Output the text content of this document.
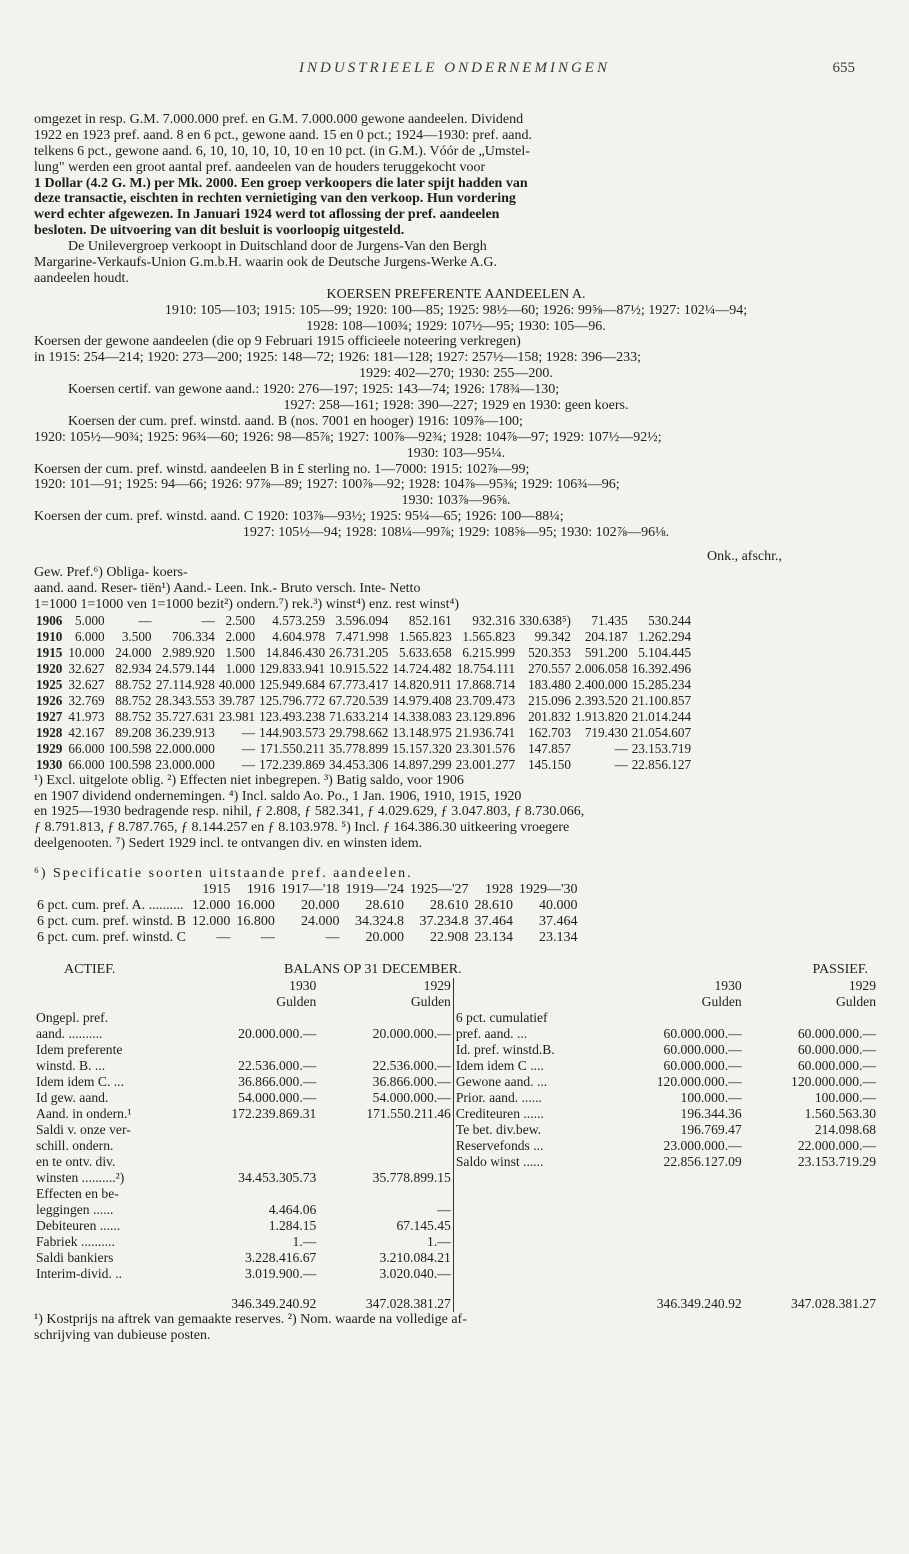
INDUSTRIEELE ONDERNEMINGEN	655
omgezet in resp. G.M. 7.000.000 pref. en G.M. 7.000.000 gewone aandeelen. Dividend
1922 en 1923 pref. aand. 8 en 6 pct., gewone aand. 15 en 0 pct.; 1924—1930: pref. aand.
telkens 6 pct., gewone aand. 6, 10, 10, 10, 10, 10 en 10 pct. (in G.M.). Vóór de „Umstel-
lung" werden een groot aantal pref. aandeelen van de houders teruggekocht voor
1 Dollar (4.2 G. M.) per Mk. 2000. Een groep verkoopers die later spijt hadden van
deze transactie, eischten in rechten vernietiging van den verkoop. Hun vordering
werd echter afgewezen. In Januari 1924 werd tot aflossing der pref. aandeelen
besloten. De uitvoering van dit besluit is voorloopig uitgesteld.
De Unilevergroep verkoopt in Duitschland door de Jurgens-Van den Bergh
Margarine-Verkaufs-Union G.m.b.H. waarin ook de Deutsche Jurgens-Werke A.G.
aandeelen houdt.
KOERSEN PREFERENTE AANDEELEN A.
1910: 105—103; 1915: 105—99; 1920: 100—85; 1925: 98½—60; 1926: 99⅝—87½; 1927: 102¼—94;
1928: 108—100¾; 1929: 107½—95; 1930: 105—96.
Koersen der gewone aandeelen (die op 9 Februari 1915 officieele noteering verkregen)
in 1915: 254—214; 1920: 273—200; 1925: 148—72; 1926: 181—128; 1927: 257½—158; 1928: 396—233;
1929: 402—270; 1930: 255—200.
Koersen certif. van gewone aand.: 1920: 276—197; 1925: 143—74; 1926: 178¾—130;
1927: 258—161; 1928: 390—227; 1929 en 1930: geen koers.
Koersen der cum. pref. winstd. aand. B (nos. 7001 en hooger) 1916: 109⅞—100;
1920: 105½—90¾; 1925: 96¾—60; 1926: 98—85⅞; 1927: 100⅞—92¾; 1928: 104⅞—97; 1929: 107½—92½;
1930: 103—95¼.
Koersen der cum. pref. winstd. aandeelen B in £ sterling no. 1—7000: 1915: 102⅞—99;
1920: 101—91; 1925: 94—66; 1926: 97⅞—89; 1927: 100⅞—92; 1928: 104⅞—95⅜; 1929: 106¾—96;
1930: 103⅞—96⅝.
Koersen der cum. pref. winstd. aand. C 1920: 103⅞—93½; 1925: 95¼—65; 1926: 100—88¼;
1927: 105½—94; 1928: 108¼—99⅞; 1929: 108⅝—95; 1930: 102⅞—96⅛.
Onk., afschr.,
Gew. Pref.⁶) Obliga- koers-
aand. aand. Reser- tiën¹) Aand.- Leen. Ink.- Bruto versch. Inte- Netto
1=1000 1=1000 ven 1=1000 bezit²) ondern.⁷) rek.³) winst⁴) enz. rest winst⁴)
1906	5.000	—	—	2.500	4.573.259	3.596.094	852.161	932.316	330.638⁵)	71.435	530.244
1910	6.000	3.500	706.334	2.000	4.604.978	7.471.998	1.565.823	1.565.823	99.342	204.187	1.262.294
1915	10.000	24.000	2.989.920	1.500	14.846.430	26.731.205	5.633.658	6.215.999	520.353	591.200	5.104.445
1920	32.627	82.934	24.579.144	1.000	129.833.941	10.915.522	14.724.482	18.754.111	270.557	2.006.058	16.392.496
1925	32.627	88.752	27.114.928	40.000	125.949.684	67.773.417	14.820.911	17.868.714	183.480	2.400.000	15.285.234
1926	32.769	88.752	28.343.553	39.787	125.796.772	67.720.539	14.979.408	23.709.473	215.096	2.393.520	21.100.857
1927	41.973	88.752	35.727.631	23.981	123.493.238	71.633.214	14.338.083	23.129.896	201.832	1.913.820	21.014.244
1928	42.167	89.208	36.239.913	—	144.903.573	29.798.662	13.148.975	21.936.741	162.703	719.430	21.054.607
1929	66.000	100.598	22.000.000	—	171.550.211	35.778.899	15.157.320	23.301.576	147.857	—	23.153.719
1930	66.000	100.598	23.000.000	—	172.239.869	34.453.306	14.897.299	23.001.277	145.150	—	22.856.127
¹) Excl. uitgelote oblig. ²) Effecten niet inbegrepen. ³) Batig saldo, voor 1906
en 1907 dividend ondernemingen. ⁴) Incl. saldo Ao. Po., 1 Jan. 1906, 1910, 1915, 1920
en 1925—1930 bedragende resp. nihil, ƒ 2.808, ƒ 582.341, ƒ 4.029.629, ƒ 3.047.803, ƒ 8.730.066,
ƒ 8.791.813, ƒ 8.787.765, ƒ 8.144.257 en ƒ 8.103.978. ⁵) Incl. ƒ 164.386.30 uitkeering vroegere
deelgenooten. ⁷) Sedert 1929 incl. te ontvangen div. en winsten idem.
⁶) Specificatie soorten uitstaande pref. aandeelen.
	1915	1916	1917—'18	1919—'24	1925—'27	1928	1929—'30
6 pct. cum. pref. A. ..........	12.000	16.000	20.000	28.610	28.610	28.610	40.000
6 pct. cum. pref. winstd. B	12.000	16.800	24.000	34.324.8	37.234.8	37.464	37.464
6 pct. cum. pref. winstd. C	—	—	—	20.000	22.908	23.134	23.134
ACTIEF.	BALANS OP 31 DECEMBER.	PASSIEF.
	1930	1929		1930	1929
	Gulden	Gulden		Gulden	Gulden
Ongepl. pref.			6 pct. cumulatief		
aand. ..........	20.000.000.—	20.000.000.—	pref. aand. ...	60.000.000.—	60.000.000.—
Idem preferente			Id. pref. winstd.B.	60.000.000.—	60.000.000.—
winstd. B. ...	22.536.000.—	22.536.000.—	Idem idem C ....	60.000.000.—	60.000.000.—
Idem idem C. ...	36.866.000.—	36.866.000.—	Gewone aand. ...	120.000.000.—	120.000.000.—
Id gew. aand.	54.000.000.—	54.000.000.—	Prior. aand. ......	100.000.—	100.000.—
Aand. in ondern.¹	172.239.869.31	171.550.211.46	Crediteuren ......	196.344.36	1.560.563.30
Saldi v. onze ver-			Te bet. div.bew.	196.769.47	214.098.68
schill. ondern.			Reservefonds ...	23.000.000.—	22.000.000.—
en te ontv. div.			Saldo winst ......	22.856.127.09	23.153.719.29
winsten ..........²)	34.453.305.73	35.778.899.15			
Effecten en be-					
leggingen ......	4.464.06	—			
Debiteuren ......	1.284.15	67.145.45			
Fabriek ..........	1.—	1.—			
Saldi bankiers	3.228.416.67	3.210.084.21			
Interim-divid. ..	3.019.900.—	3.020.040.—			
	346.349.240.92	347.028.381.27		346.349.240.92	347.028.381.27
¹) Kostprijs na aftrek van gemaakte reserves. ²) Nom. waarde na volledige af-
schrijving van dubieuse posten.
